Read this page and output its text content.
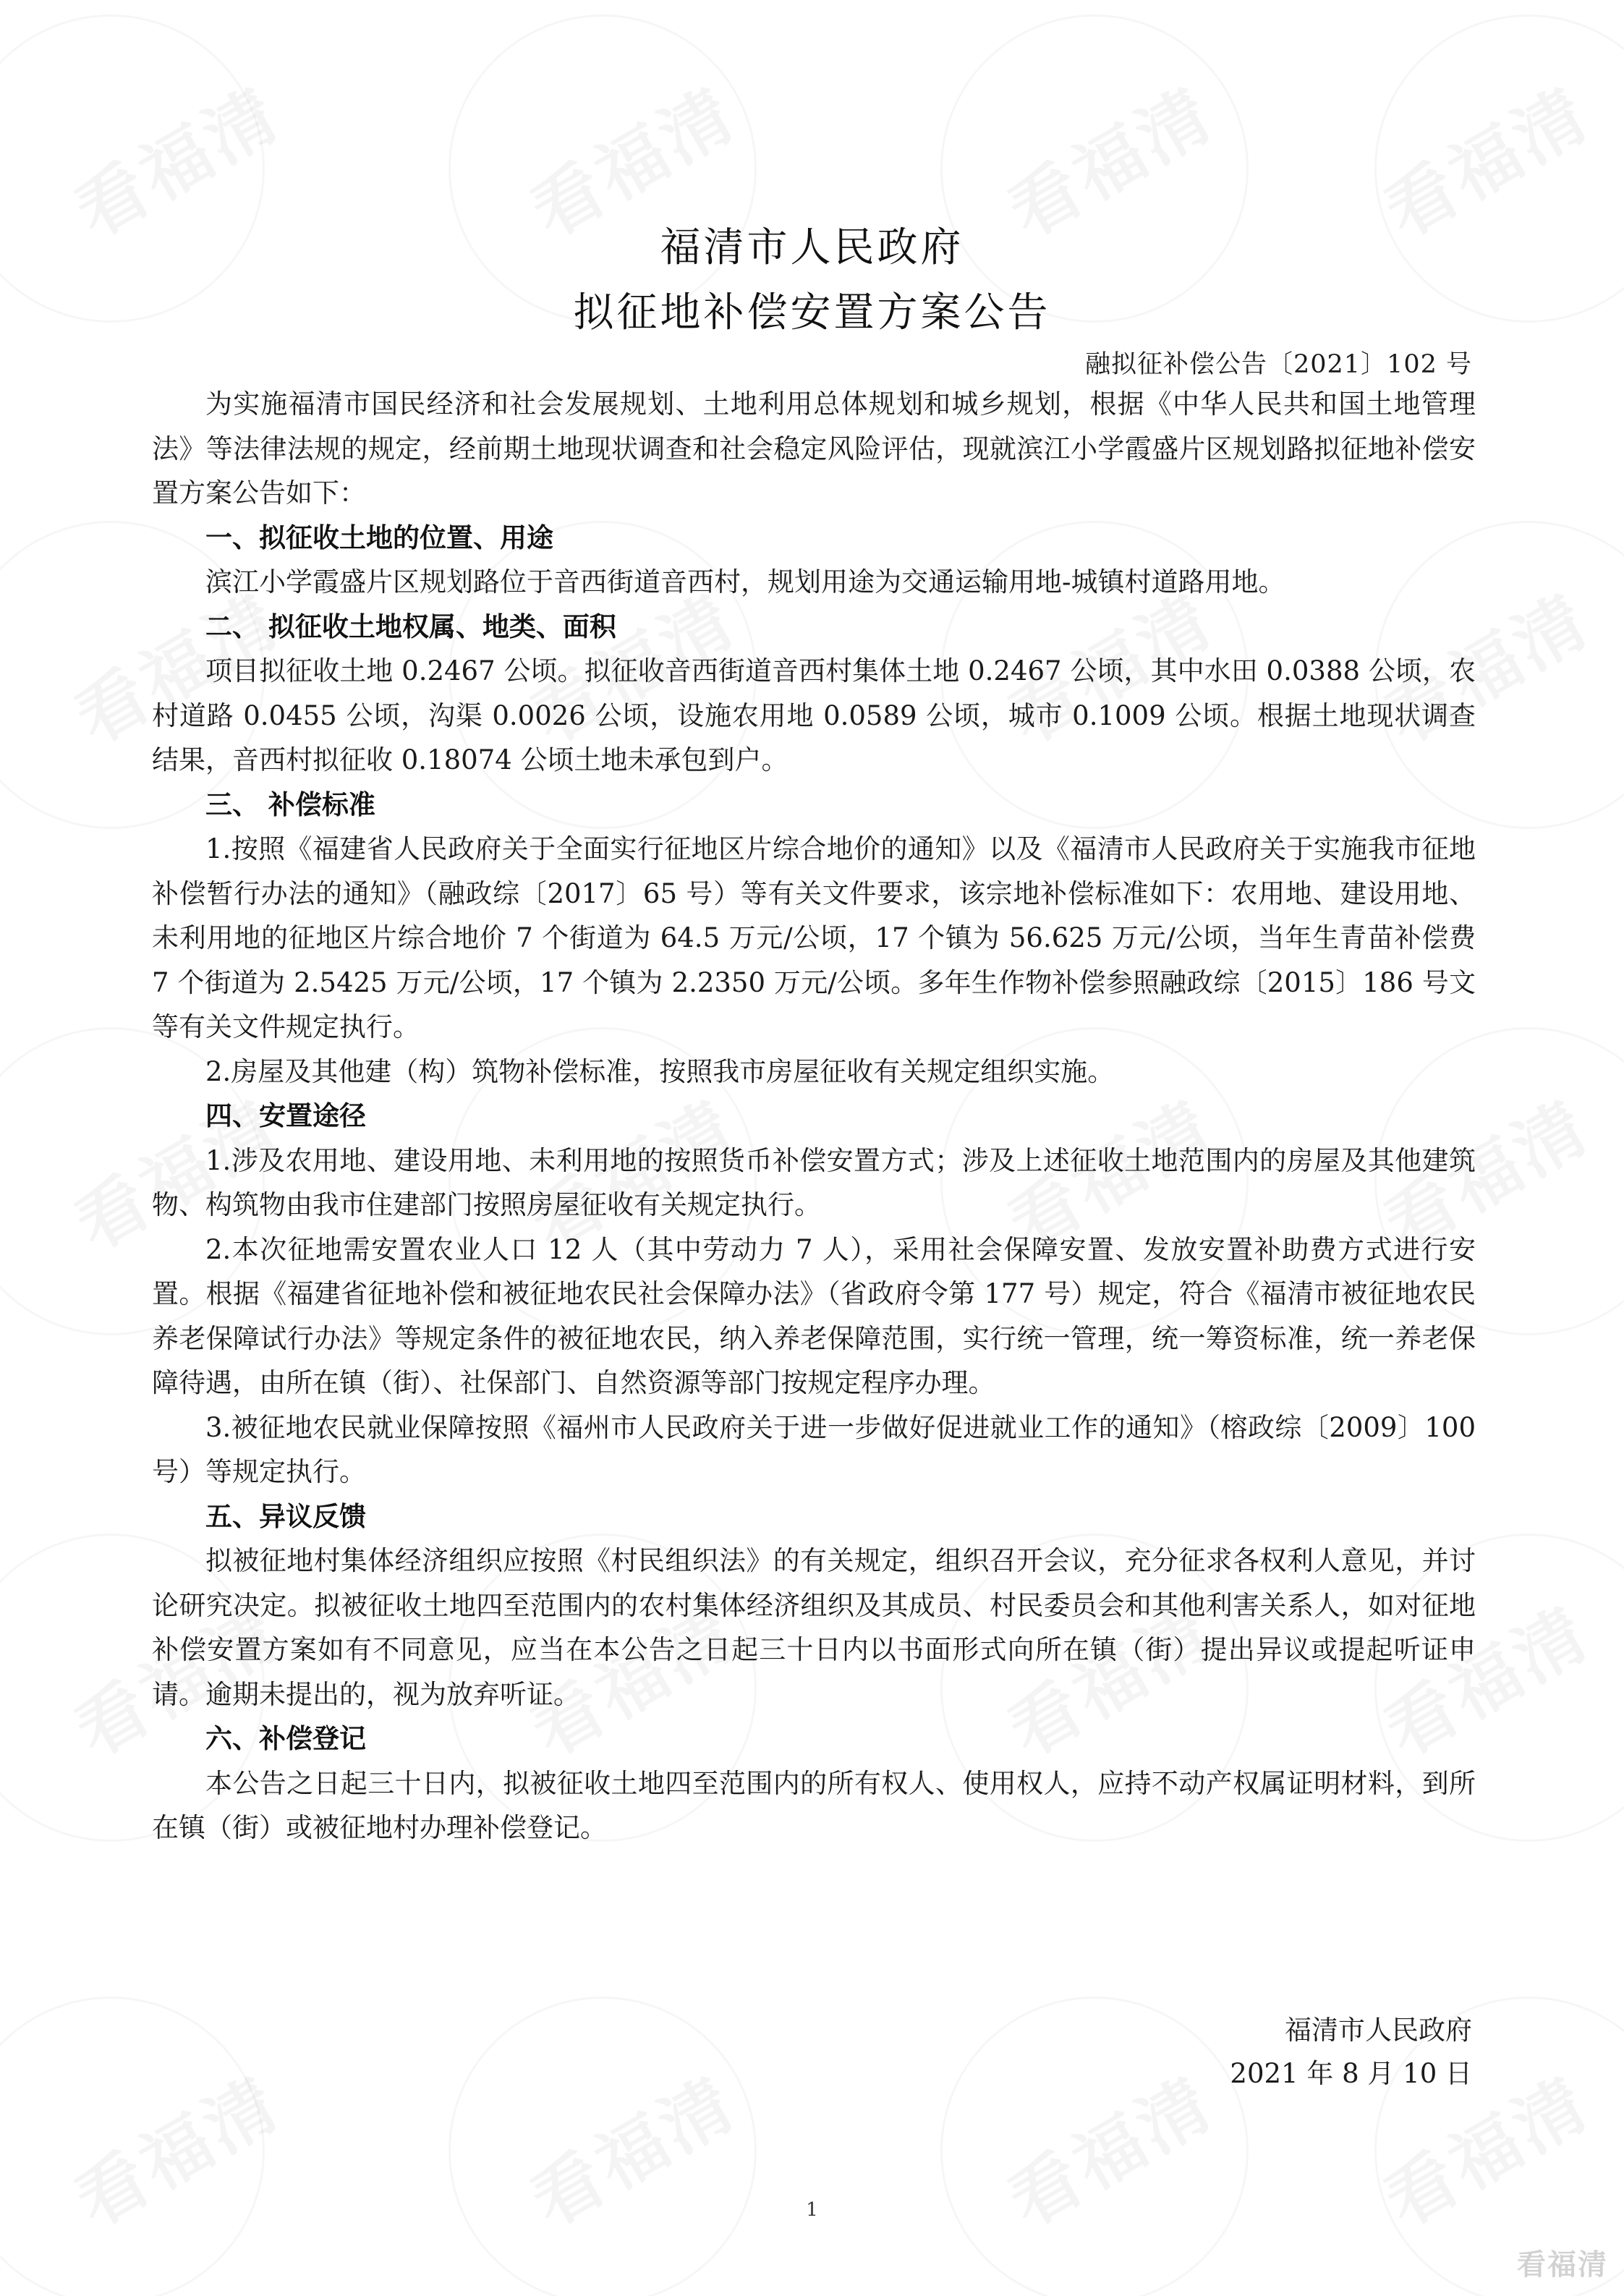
福清市人民政府
拟征地补偿安置方案公告
融拟征补偿公告〔2021〕102 号

为实施福清市国民经济和社会发展规划、土地利用总体规划和城乡规划，根据《中华人民共和国土地管理法》等法律法规的规定，经前期土地现状调查和社会稳定风险评估，现就滨江小学霞盛片区规划路拟征地补偿安置方案公告如下：

一、拟征收土地的位置、用途

滨江小学霞盛片区规划路位于音西街道音西村，规划用途为交通运输用地-城镇村道路用地。

二、 拟征收土地权属、地类、面积

项目拟征收土地 0.2467 公顷。拟征收音西街道音西村集体土地 0.2467 公顷，其中水田 0.0388 公顷，农村道路 0.0455 公顷，沟渠 0.0026 公顷，设施农用地 0.0589 公顷，城市 0.1009 公顷。根据土地现状调查结果，音西村拟征收 0.18074 公顷土地未承包到户。

三、 补偿标准

1.按照《福建省人民政府关于全面实行征地区片综合地价的通知》以及《福清市人民政府关于实施我市征地补偿暂行办法的通知》（融政综〔2017〕65 号）等有关文件要求，该宗地补偿标准如下：农用地、建设用地、未利用地的征地区片综合地价 7 个街道为 64.5 万元/公顷，17 个镇为 56.625 万元/公顷，当年生青苗补偿费 7 个街道为 2.5425 万元/公顷，17 个镇为 2.2350 万元/公顷。多年生作物补偿参照融政综〔2015〕186 号文等有关文件规定执行。

2.房屋及其他建（构）筑物补偿标准，按照我市房屋征收有关规定组织实施。

四、安置途径

1.涉及农用地、建设用地、未利用地的按照货币补偿安置方式；涉及上述征收土地范围内的房屋及其他建筑物、构筑物由我市住建部门按照房屋征收有关规定执行。

2.本次征地需安置农业人口 12 人（其中劳动力 7 人），采用社会保障安置、发放安置补助费方式进行安置。根据《福建省征地补偿和被征地农民社会保障办法》（省政府令第 177 号）规定，符合《福清市被征地农民养老保障试行办法》等规定条件的被征地农民，纳入养老保障范围，实行统一管理，统一筹资标准，统一养老保障待遇，由所在镇（街）、社保部门、自然资源等部门按规定程序办理。

3.被征地农民就业保障按照《福州市人民政府关于进一步做好促进就业工作的通知》（榕政综〔2009〕100 号）等规定执行。

五、异议反馈

拟被征地村集体经济组织应按照《村民组织法》的有关规定，组织召开会议，充分征求各权利人意见，并讨论研究决定。拟被征收土地四至范围内的农村集体经济组织及其成员、村民委员会和其他利害关系人，如对征地补偿安置方案如有不同意见，应当在本公告之日起三十日内以书面形式向所在镇（街）提出异议或提起听证申请。逾期未提出的，视为放弃听证。

六、补偿登记

本公告之日起三十日内，拟被征收土地四至范围内的所有权人、使用权人，应持不动产权属证明材料，到所在镇（街）或被征地村办理补偿登记。

福清市人民政府
2021 年 8 月 10 日
1
看福清
